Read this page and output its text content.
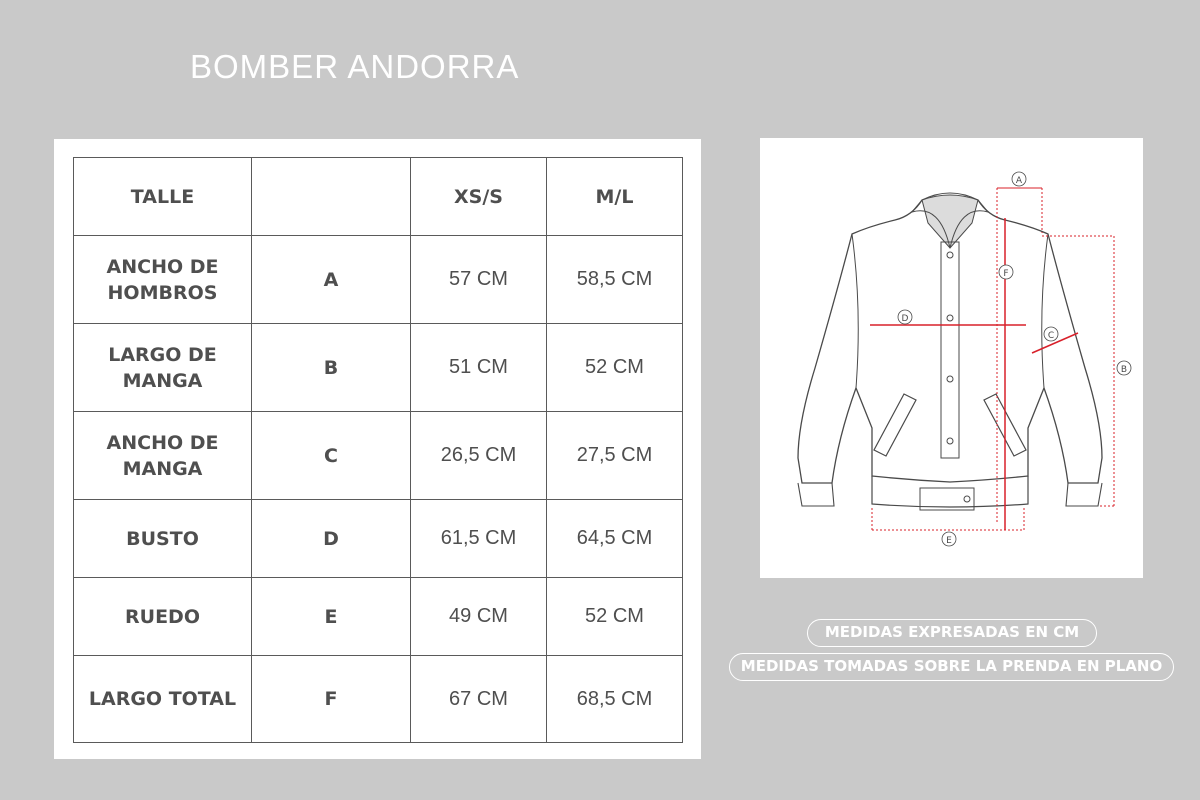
BOMBER ANDORRA
TALLE		XS/S	M/L
ANCHO DE
HOMBROS	A	57 CM	58,5 CM
LARGO DE
MANGA	B	51 CM	52 CM
ANCHO DE
MANGA	C	26,5 CM	27,5 CM
BUSTO	D	61,5 CM	64,5 CM
RUEDO	E	49 CM	52 CM
LARGO TOTAL	F	67 CM	68,5 CM
A
B
C
D
E
F
MEDIDAS EXPRESADAS EN CM
MEDIDAS TOMADAS SOBRE LA PRENDA EN PLANO
